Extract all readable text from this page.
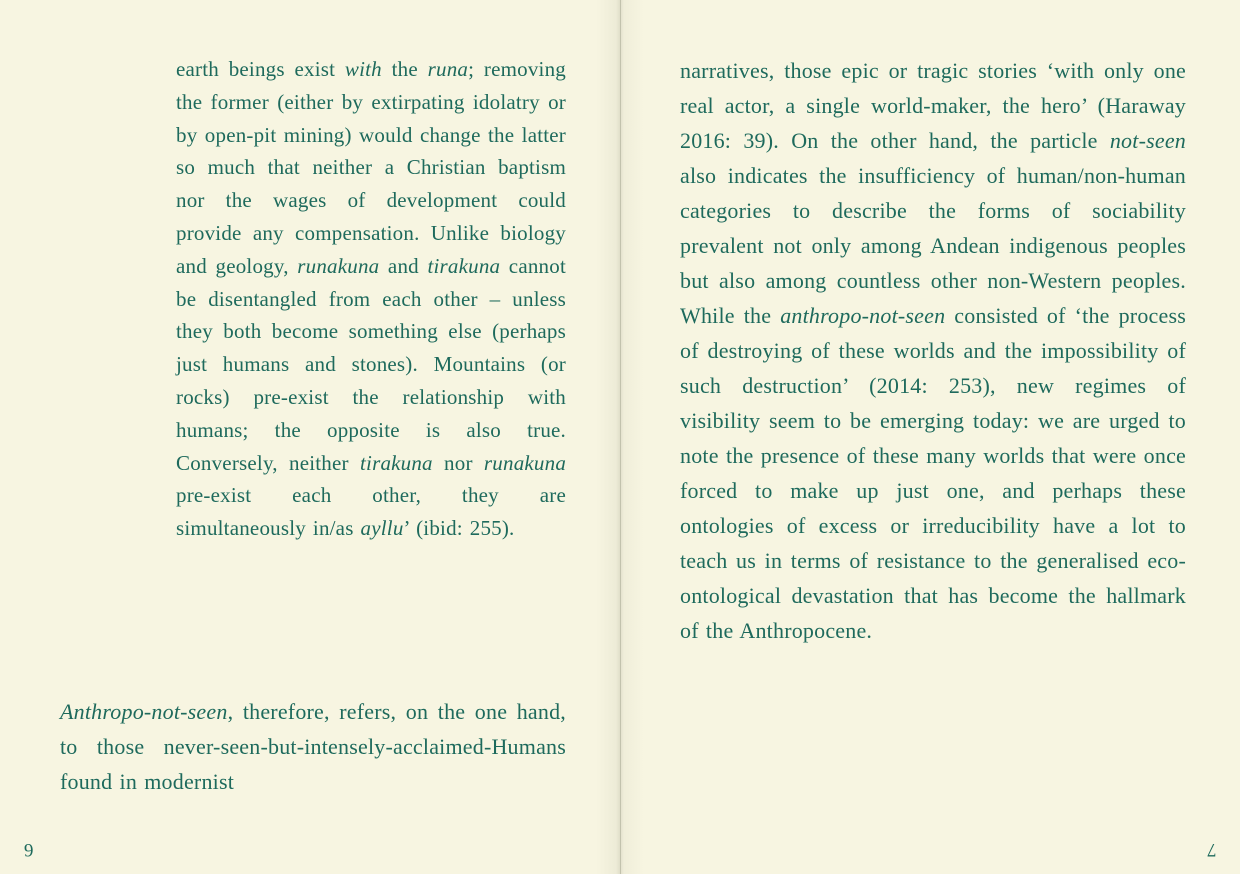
earth beings exist with the runa; removing the former (either by extirpating idolatry or by open-pit mining) would change the latter so much that neither a Christian baptism nor the wages of development could provide any compensation. Unlike biology and geology, runakuna and tirakuna cannot be disentangled from each other – unless they both become something else (perhaps just humans and stones). Mountains (or rocks) pre-exist the relationship with humans; the opposite is also true. Conversely, neither tirakuna nor runakuna pre-exist each other, they are simultaneously in/as ayllu’ (ibid: 255).
Anthropo-not-seen, therefore, refers, on the one hand, to those never-seen-but-intensely-acclaimed-Humans found in modernist
6
narratives, those epic or tragic stories ‘with only one real actor, a single world-maker, the hero’ (Haraway 2016: 39). On the other hand, the particle not-seen also indicates the insufficiency of human/non-human categories to describe the forms of sociability prevalent not only among Andean indigenous peoples but also among countless other non-Western peoples. While the anthropo-not-seen consisted of ‘the process of destroying of these worlds and the impossibility of such destruction’ (2014: 253), new regimes of visibility seem to be emerging today: we are urged to note the presence of these many worlds that were once forced to make up just one, and perhaps these ontologies of excess or irreducibility have a lot to teach us in terms of resistance to the generalised eco-ontological devastation that has become the hallmark of the Anthropocene.
7
